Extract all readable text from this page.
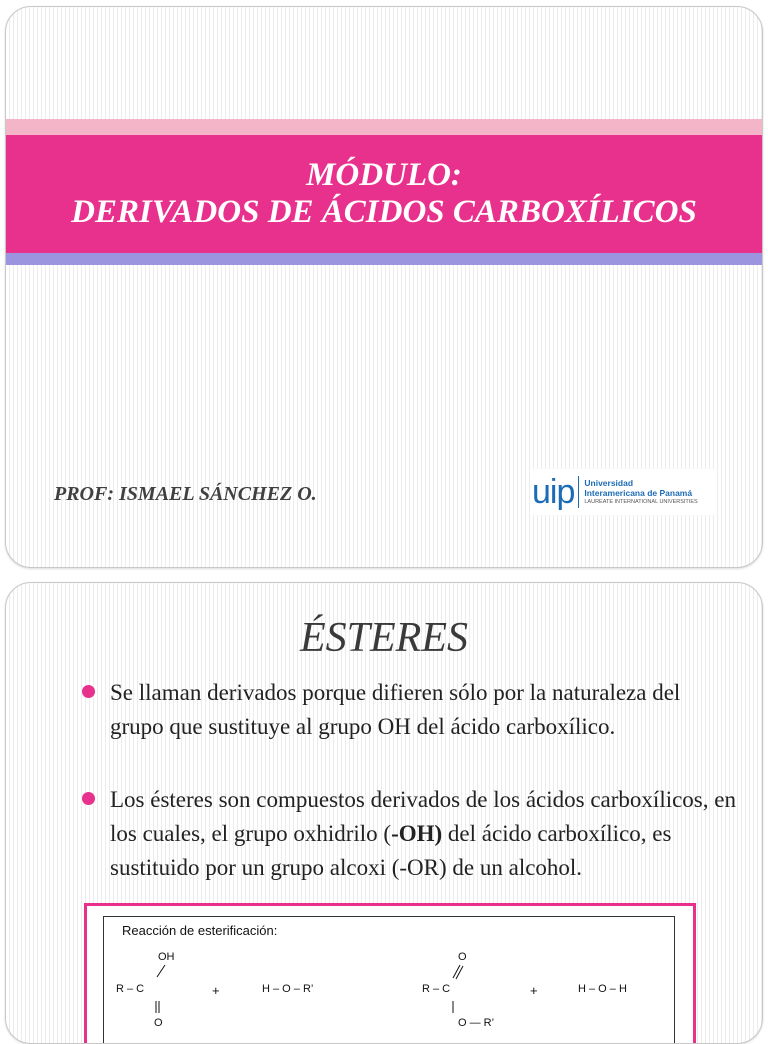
MÓDULO:
DERIVADOS DE ÁCIDOS CARBOXÍLICOS
PROF: ISMAEL SÁNCHEZ O.	uip Universidad
Interamericana de Panamá
LAUREATE INTERNATIONAL UNIVERSITIES
ÉSTERES
Se llaman derivados porque difieren sólo por la naturaleza del grupo que sustituye al grupo OH del ácido carboxílico.
Los ésteres son compuestos derivados de los ácidos carboxílicos, en los cuales, el grupo oxhidrilo (-OH) del ácido carboxílico, es sustituido por un grupo alcoxi (-OR) de un alcohol.
Reacción de esterificación:
OH
R – C
O
+	H – O – R’
O
R – C
O — R’
+	H – O – H
